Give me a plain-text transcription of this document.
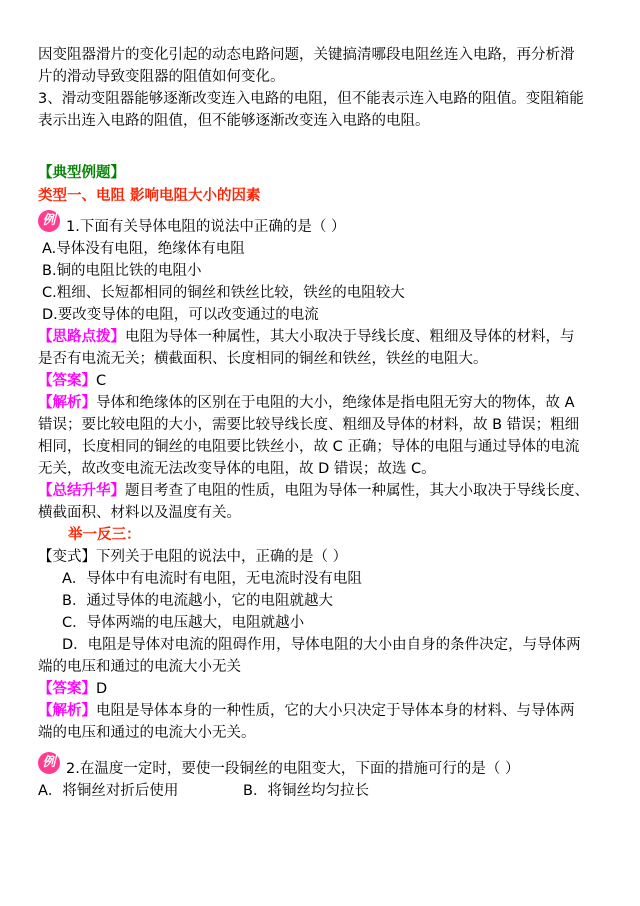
因变阻器滑片的变化引起的动态电路问题，关键搞清哪段电阻丝连入电路，再分析滑

片的滑动导致变阻器的阻值如何变化。

3、滑动变阻器能够逐渐改变连入电路的电阻，但不能表示连入电路的阻值。变阻箱能

表示出连入电路的阻值，但不能够逐渐改变连入电路的电阻。

【典型例题】

类型一、电阻 影响电阻大小的因素

例 1.下面有关导体电阻的说法中正确的是（ ）

A.导体没有电阻，绝缘体有电阻

B.铜的电阻比铁的电阻小

C.粗细、长短都相同的铜丝和铁丝比较，铁丝的电阻较大

D.要改变导体的电阻，可以改变通过的电流

【思路点拨】电阻为导体一种属性，其大小取决于导线长度、粗细及导体的材料，与

是否有电流无关；横截面积、长度相同的铜丝和铁丝，铁丝的电阻大。

【答案】C

【解析】导体和绝缘体的区别在于电阻的大小，绝缘体是指电阻无穷大的物体，故 A

错误；要比较电阻的大小，需要比较导线长度、粗细及导体的材料，故 B 错误；粗细

相同，长度相同的铜丝的电阻要比铁丝小，故 C 正确；导体的电阻与通过导体的电流

无关，故改变电流无法改变导体的电阻，故 D 错误；故选 C。

【总结升华】题目考查了电阻的性质，电阻为导体一种属性，其大小取决于导线长度、

横截面积、材料以及温度有关。

举一反三：

【变式】下列关于电阻的说法中，正确的是（ ）

A．导体中有电流时有电阻，无电流时没有电阻

B．通过导体的电流越小，它的电阻就越大

C．导体两端的电压越大，电阻就越小

D．电阻是导体对电流的阻碍作用，导体电阻的大小由自身的条件决定，与导体两

端的电压和通过的电流大小无关

【答案】D

【解析】电阻是导体本身的一种性质，它的大小只决定于导体本身的材料、与导体两

端的电压和通过的电流大小无关。

例 2.在温度一定时，要使一段铜丝的电阻变大，下面的措施可行的是（ ）

A．将铜丝对折后使用	B．将铜丝均匀拉长
